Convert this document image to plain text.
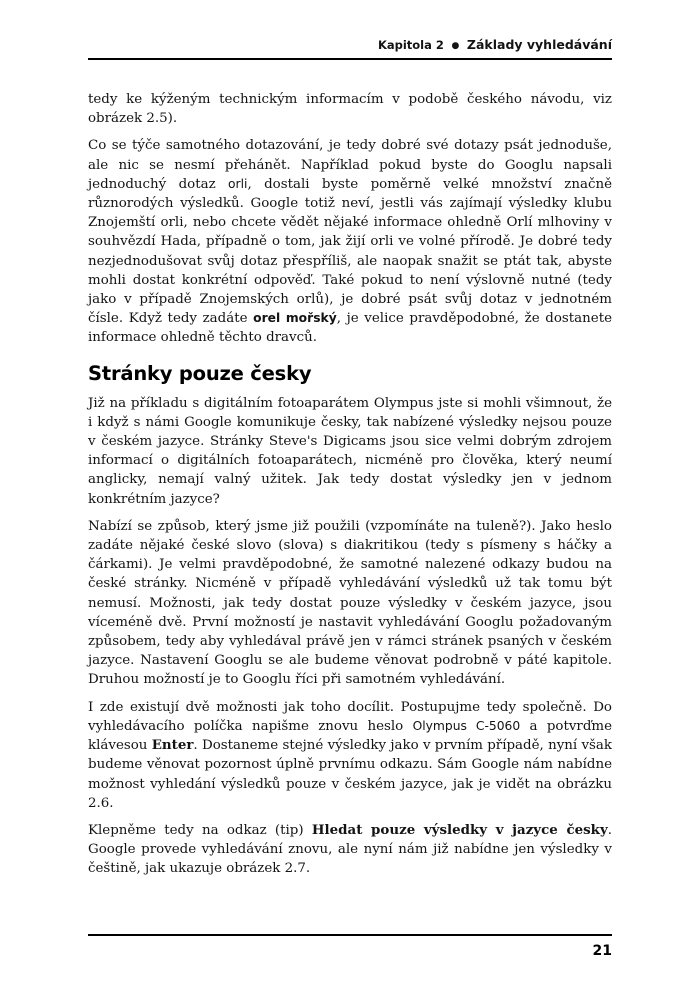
Kapitola 2 ● Základy vyhledávání

tedy ke kýženým technickým informacím v podobě českého návodu, viz obrázek 2.5).

Co se týče samotného dotazování, je tedy dobré své dotazy psát jednoduše, ale nic se nesmí přehánět. Například pokud byste do Googlu napsali jednoduchý dotaz orli, dostali byste poměrně velké množství značně různorodých výsledků. Google totiž neví, jestli vás zajímají výsledky klubu Znojemští orli, nebo chcete vědět nějaké informace ohledně Orlí mlhoviny v souhvězdí Hada, případně o tom, jak žijí orli ve volné přírodě. Je dobré tedy nezjednodušovat svůj dotaz přespříliš, ale naopak snažit se ptát tak, abyste mohli dostat konkrétní odpověď. Také pokud to není výslovně nutné (tedy jako v případě Znojemských orlů), je dobré psát svůj dotaz v jednotném čísle. Když tedy zadáte orel mořský, je velice pravděpodobné, že dostanete informace ohledně těchto dravců.

Stránky pouze česky

Již na příkladu s digitálním fotoaparátem Olympus jste si mohli všimnout, že i když s námi Google komunikuje česky, tak nabízené výsledky nejsou pouze v českém jazyce. Stránky Steve's Digicams jsou sice velmi dobrým zdrojem informací o digitálních fotoaparátech, nicméně pro člověka, který neumí anglicky, nemají valný užitek. Jak tedy dostat výsledky jen v jednom konkrétním jazyce?

Nabízí se způsob, který jsme již použili (vzpomínáte na tuleně?). Jako heslo zadáte nějaké české slovo (slova) s diakritikou (tedy s písmeny s háčky a čárkami). Je velmi pravděpodobné, že samotné nalezené odkazy budou na české stránky. Nicméně v případě vyhledávání výsledků už tak tomu být nemusí. Možnosti, jak tedy dostat pouze výsledky v českém jazyce, jsou víceméně dvě. První možností je nastavit vyhledávání Googlu požadovaným způsobem, tedy aby vyhledával právě jen v rámci stránek psaných v českém jazyce. Nastavení Googlu se ale budeme věnovat podrobně v páté kapitole. Druhou možností je to Googlu říci při samotném vyhledávání.

I zde existují dvě možnosti jak toho docílit. Postupujme tedy společně. Do vyhledávacího políčka napišme znovu heslo Olympus C-5060 a potvrďme klávesou Enter. Dostaneme stejné výsledky jako v prvním případě, nyní však budeme věnovat pozornost úplně prvnímu odkazu. Sám Google nám nabídne možnost vyhledání výsledků pouze v českém jazyce, jak je vidět na obrázku 2.6.

Klepněme tedy na odkaz (tip) Hledat pouze výsledky v jazyce česky. Google provede vyhledávání znovu, ale nyní nám již nabídne jen výsledky v češtině, jak ukazuje obrázek 2.7.

21
